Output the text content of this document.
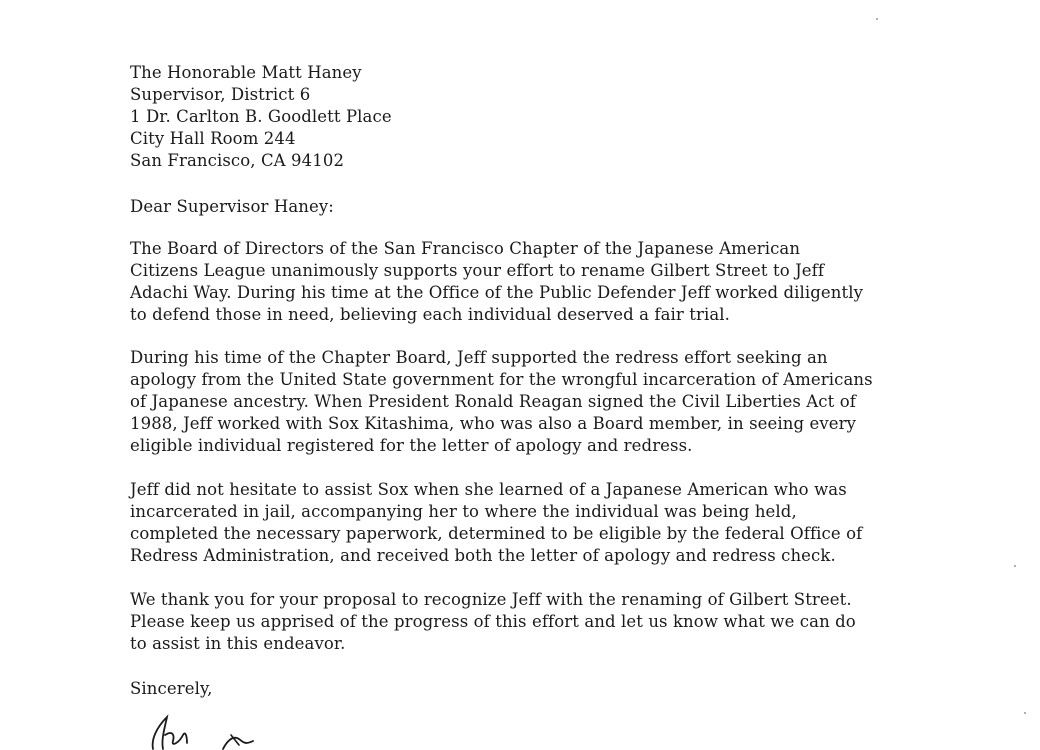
The Honorable Matt Haney

Supervisor, District 6

1 Dr. Carlton B. Goodlett Place

City Hall Room 244

San Francisco, CA 94102

Dear Supervisor Haney:

The Board of Directors of the San Francisco Chapter of the Japanese American

Citizens League unanimously supports your effort to rename Gilbert Street to Jeff

Adachi Way. During his time at the Office of the Public Defender Jeff worked diligently

to defend those in need, believing each individual deserved a fair trial.

During his time of the Chapter Board, Jeff supported the redress effort seeking an

apology from the United State government for the wrongful incarceration of Americans

of Japanese ancestry. When President Ronald Reagan signed the Civil Liberties Act of

1988, Jeff worked with Sox Kitashima, who was also a Board member, in seeing every

eligible individual registered for the letter of apology and redress.

Jeff did not hesitate to assist Sox when she learned of a Japanese American who was

incarcerated in jail, accompanying her to where the individual was being held,

completed the necessary paperwork, determined to be eligible by the federal Office of

Redress Administration, and received both the letter of apology and redress check.

We thank you for your proposal to recognize Jeff with the renaming of Gilbert Street.

Please keep us apprised of the progress of this effort and let us know what we can do

to assist in this endeavor.

Sincerely,
